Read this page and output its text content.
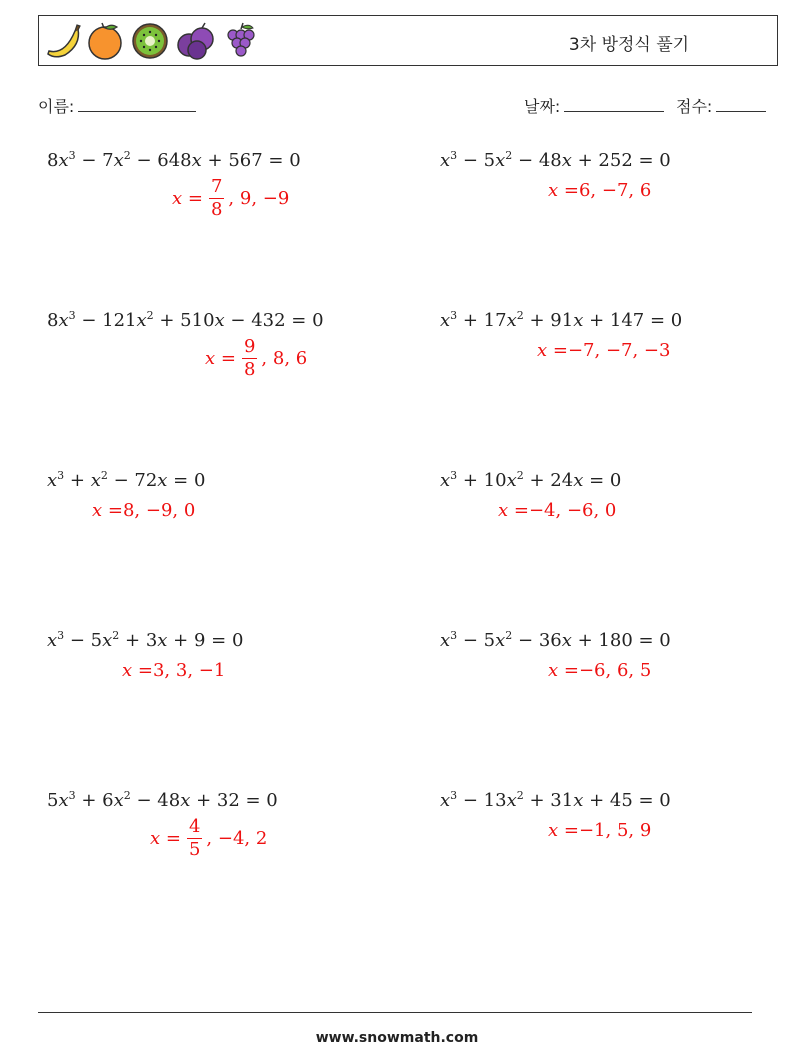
3차 방정식 풀기
이름:	날짜:	점수:
$8x^3 - 7x^2 - 648x + 567 = 0$
$x = \frac{7}{8}$ , 9, −9
$x^3 - 5x^2 - 48x + 252 = 0$
x = 6, −7, 6
$8x^3 - 121x^2 + 510x - 432 = 0$
$x = \frac{9}{8}$ , 8, 6
$x^3 + 17x^2 + 91x + 147 = 0$
x = −7, −7, −3
$x^3 + x^2 - 72x = 0$
x = 8, −9, 0
$x^3 + 10x^2 + 24x = 0$
x = −4, −6, 0
$x^3 - 5x^2 + 3x + 9 = 0$
x = 3, 3, −1
$x^3 - 5x^2 - 36x + 180 = 0$
x = −6, 6, 5
$5x^3 + 6x^2 - 48x + 32 = 0$
$x = \frac{4}{5}$ , −4, 2
$x^3 - 13x^2 + 31x + 45 = 0$
x = −1, 5, 9
www.snowmath.com
